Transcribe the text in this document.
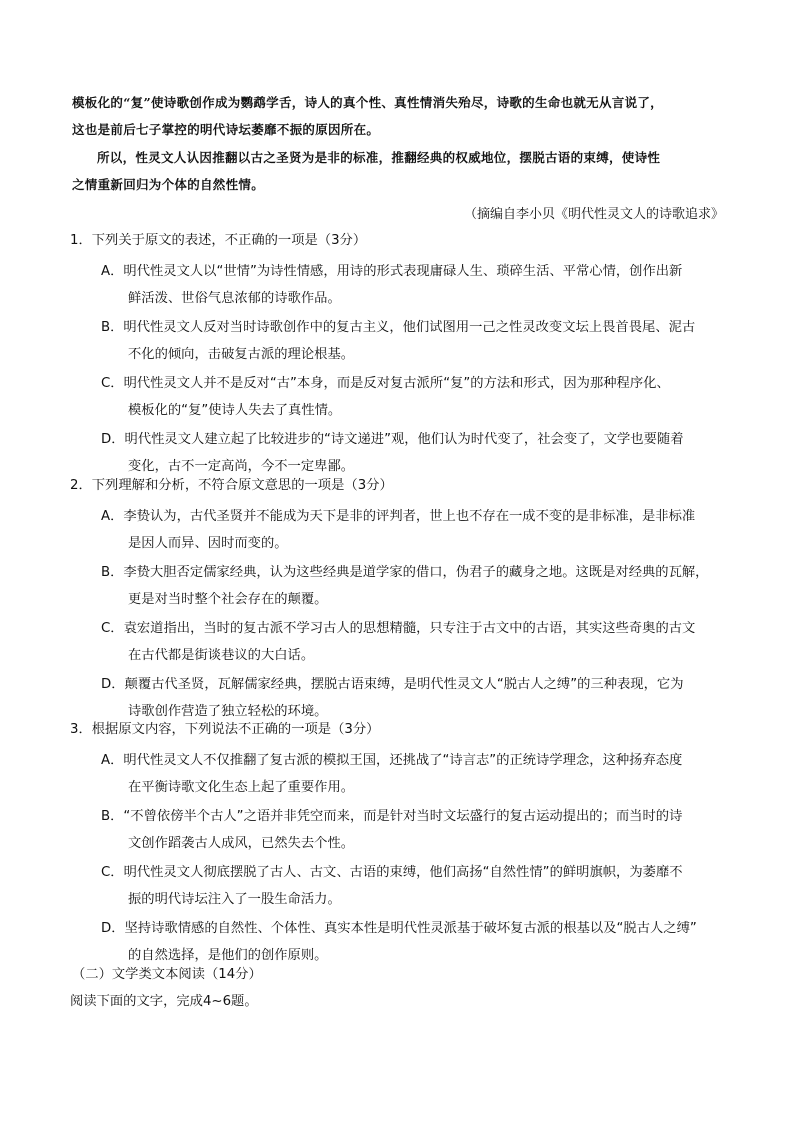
模板化的“复”使诗歌创作成为鹦鹉学舌，诗人的真个性、真性情消失殆尽，诗歌的生命也就无从言说了，
这也是前后七子掌控的明代诗坛萎靡不振的原因所在。
所以，性灵文人认因推翻以古之圣贤为是非的标准，推翻经典的权威地位，摆脱古语的束缚，使诗性
之情重新回归为个体的自然性情。
（摘编自李小贝《明代性灵文人的诗歌追求》
1．下列关于原文的表述，不正确的一项是（3分）
A．明代性灵文人以“世情”为诗性情感，用诗的形式表现庸碌人生、琐碎生活、平常心情，创作出新
鲜活泼、世俗气息浓郁的诗歌作品。
B．明代性灵文人反对当时诗歌创作中的复古主义，他们试图用一己之性灵改变文坛上畏首畏尾、泥古
不化的倾向，击破复古派的理论根基。
C．明代性灵文人并不是反对“古”本身，而是反对复古派所“复”的方法和形式，因为那种程序化、
模板化的“复”使诗人失去了真性情。
D．明代性灵文人建立起了比较进步的“诗文递进”观，他们认为时代变了，社会变了，文学也要随着
变化，古不一定高尚，今不一定卑鄙。
2．下列理解和分析，不符合原文意思的一项是（3分）
A．李贽认为，古代圣贤并不能成为天下是非的评判者，世上也不存在一成不变的是非标准，是非标准
是因人而异、因时而变的。
B．李贽大胆否定儒家经典，认为这些经典是道学家的借口，伪君子的藏身之地。这既是对经典的瓦解，
更是对当时整个社会存在的颠覆。
C．袁宏道指出，当时的复古派不学习古人的思想精髓，只专注于古文中的古语，其实这些奇奥的古文
在古代都是街谈巷议的大白话。
D．颠覆古代圣贤，瓦解儒家经典，摆脱古语束缚，是明代性灵文人“脱古人之缚”的三种表现，它为
诗歌创作营造了独立轻松的环境。
3．根据原文内容，下列说法不正确的一项是（3分）
A．明代性灵文人不仅推翻了复古派的模拟王国，还挑战了“诗言志”的正统诗学理念，这种扬弃态度
在平衡诗歌文化生态上起了重要作用。
B．“不曾依傍半个古人”之语并非凭空而来，而是针对当时文坛盛行的复古运动提出的；而当时的诗
文创作蹈袭古人成风，已然失去个性。
C．明代性灵文人彻底摆脱了古人、古文、古语的束缚，他们高扬“自然性情”的鲜明旗帜，为萎靡不
振的明代诗坛注入了一股生命活力。
D．坚持诗歌情感的自然性、个体性、真实本性是明代性灵派基于破坏复古派的根基以及“脱古人之缚”
的自然选择，是他们的创作原则。
（二）文学类文本阅读（14分）
阅读下面的文字，完成4~6题。
